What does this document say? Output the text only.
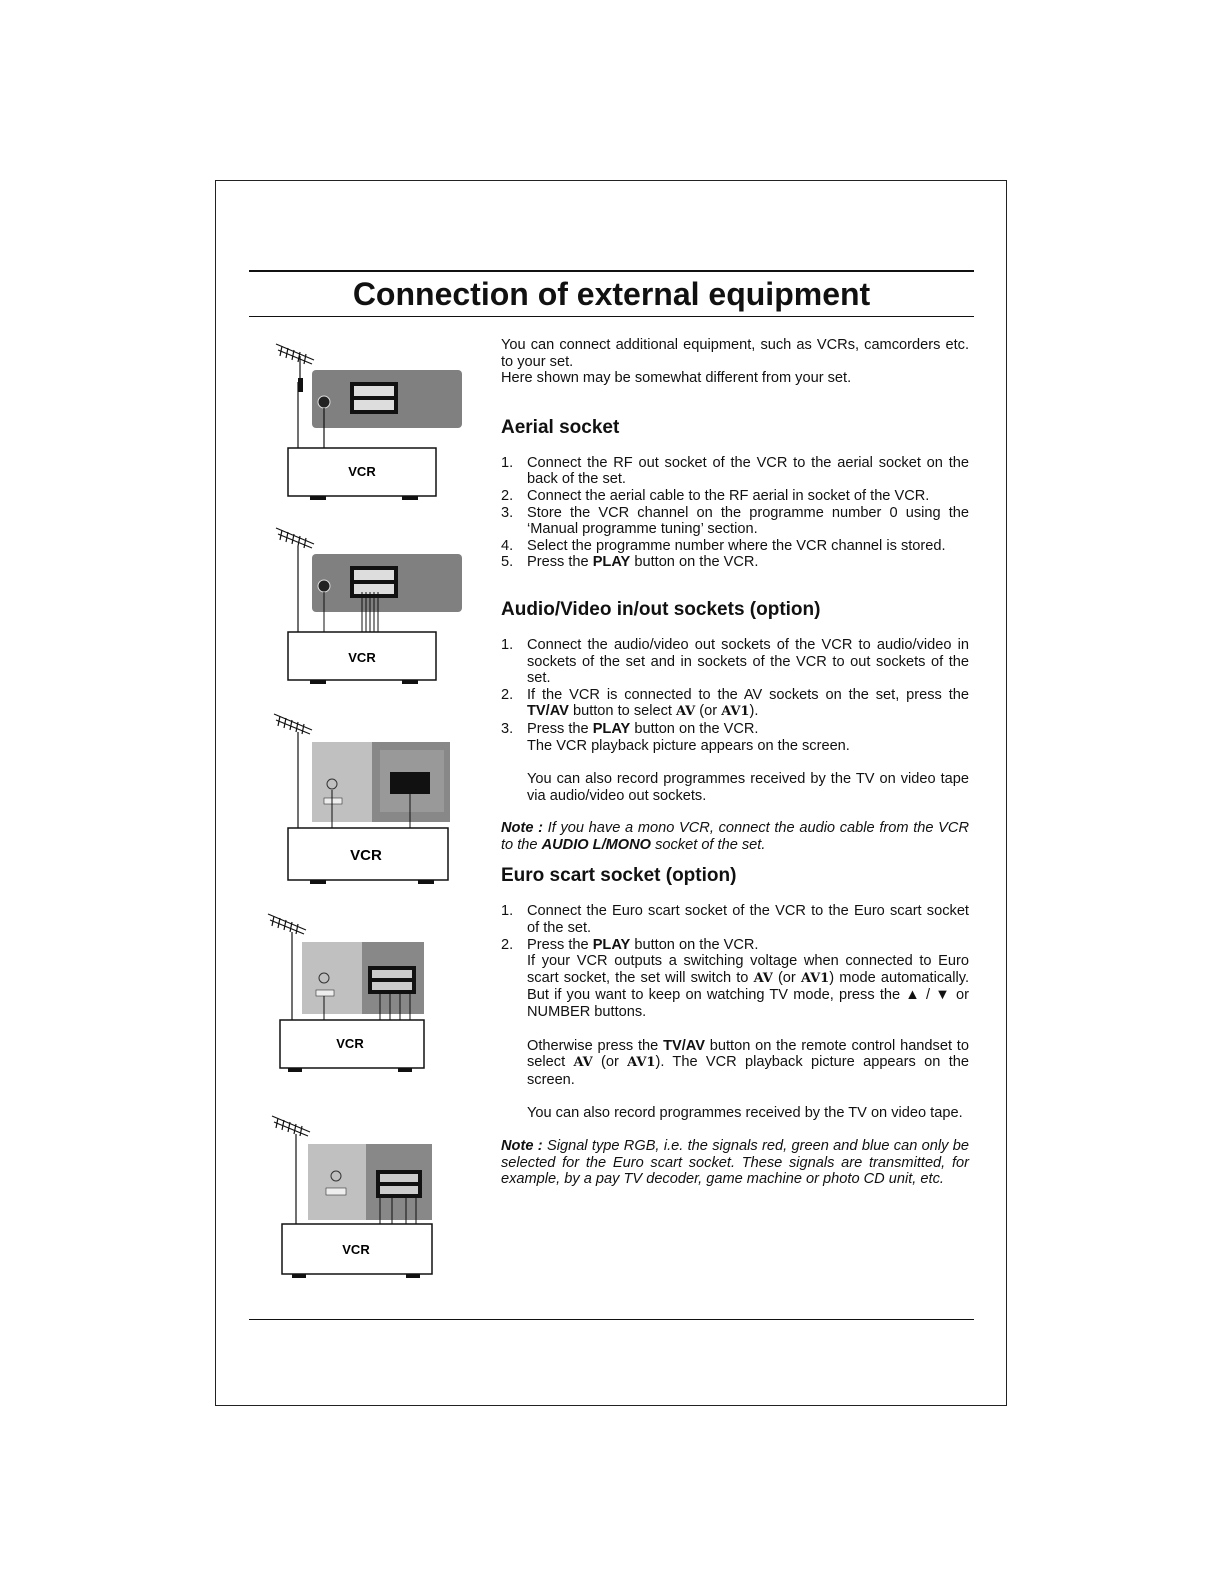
Connection of external equipment
VCR
VCR
VCR
VCR
VCR

You can connect additional equipment, such as VCRs, camcorders etc. to your set.

Here shown may be somewhat different from your set.

Aerial socket
1. Connect the RF out socket of the VCR to the aerial socket on the back of the set.
2. Connect the aerial cable to the RF aerial in socket of the VCR.
3. Store the VCR channel on the programme number 0 using the ‘Manual programme tuning’ section.
4. Select the programme number where the VCR channel is stored.
5. Press the PLAY button on the VCR.
Audio/Video in/out sockets (option)
1. Connect the audio/video out sockets of the VCR to audio/video in sockets of the set and in sockets of the VCR to out sockets of the set.
2. If the VCR is connected to the AV sockets on the set, press the TV/AV button to select AV (or AV1).
3. Press the PLAY button on the VCR.
The VCR playback picture appears on the screen.
You can also record programmes received by the TV on video tape via audio/video out sockets.

Note : If you have a mono VCR, connect the audio cable from the VCR to the AUDIO L/MONO socket of the set.

Euro scart socket (option)
1. Connect the Euro scart socket of the VCR to the Euro scart socket of the set.
2. Press the PLAY button on the VCR.
If your VCR outputs a switching voltage when connected to Euro scart socket, the set will switch to AV (or AV1) mode automatically. But if you want to keep on watching TV mode, press the ▲ / ▼ or NUMBER buttons.
Otherwise press the TV/AV button on the remote control handset to select AV (or AV1). The VCR playback picture appears on the screen.
You can also record programmes received by the TV on video tape.

Note : Signal type RGB, i.e. the signals red, green and blue can only be selected for the Euro scart socket. These signals are transmitted, for example, by a pay TV decoder, game machine or photo CD unit, etc.
